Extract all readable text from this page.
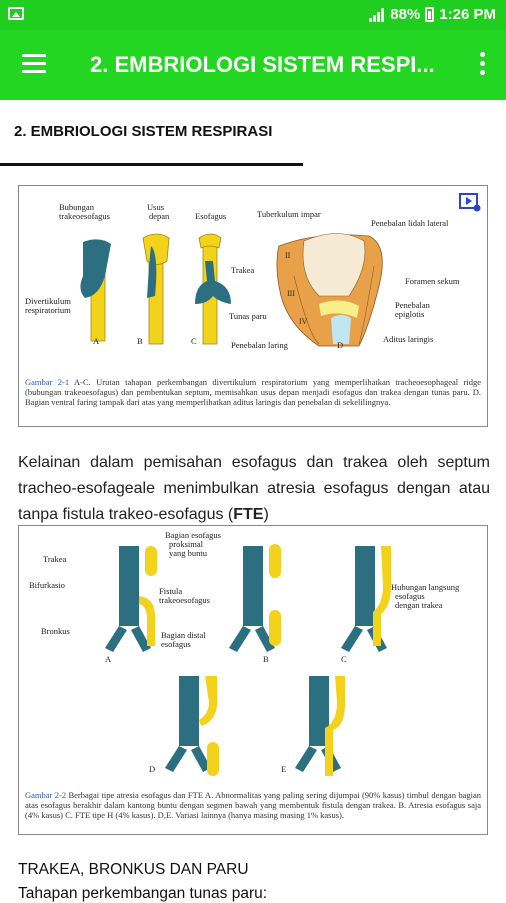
88% 1:26 PM
2. EMBRIOLOGI SISTEM RESPI...
2. EMBRIOLOGI SISTEM RESPIRASI
Bubungan
trakeoesofagus
Usus
depan	Esofagus
Trakea
Tunas paru
Divertikulum
respiratorium
A	B	C	D
Tuberkulum impar
Penebalan lidah lateral
Foramen sekum
Penebalan
epiglotis
Aditus laringis
Penebalan laring
II
III
IV
Gambar 2-1 A-C. Urutan tahapan perkembangan divertikulum respiratorium yang memperlihatkan tracheoesophageal ridge (bubungan trakeoesofagus) dan pembentukan septum, memisahkan usus depan menjadi esofagus dan trakea dengan tunas paru. D. Bagian ventral faring tampak dari atas yang memperlihatkan aditus laringis dan penebalan di sekelilingnya.
Kelainan dalam pemisahan esofagus dan trakea oleh septum tracheo-esofageale menimbulkan atresia esofagus dengan atau tanpa fistula trakeo-esofagus (FTE)
Trakea
Bifurkasio
Bronkus
Bagian esofagus
proksimal
yang buntu
Fistula
trakeoesofagus
Bagian distal
esofagus
Hubungan langsung
esofagus
dengan trakea
A	B	C
D	E
Gambar 2-2 Berbagai tipe atresia esofagus dan FTE A. Abnormalitas yang paling sering dijumpai (90% kasus) timbul dengan bagian atas esofagus berakhir dalam kantong buntu dengan segmen bawah yang membentuk fistula dengan trakea. B. Atresia esofagus saja (4% kasus) C. FTE tipe H (4% kasus). D,E. Variasi lainnya (hanya masing masing 1% kasus).
TRAKEA, BRONKUS DAN PARU
Tahapan perkembangan tunas paru:
